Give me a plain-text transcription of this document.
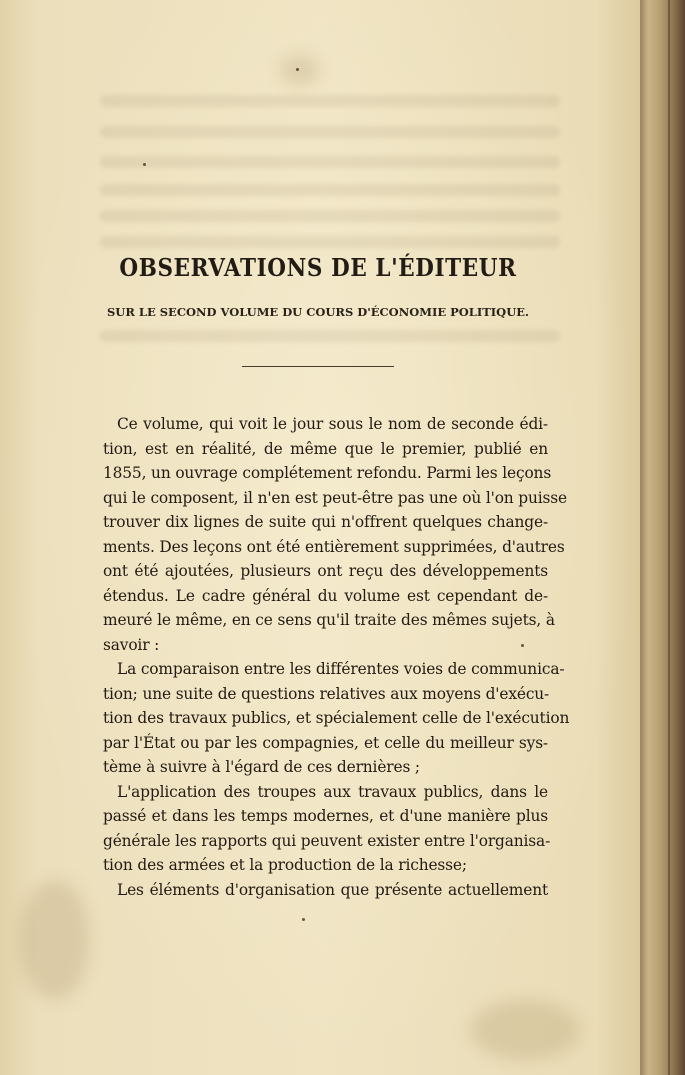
OBSERVATIONS DE L'ÉDITEUR
SUR LE SECOND VOLUME DU COURS D'ÉCONOMIE POLITIQUE.
Ce volume, qui voit le jour sous le nom de seconde édi-
tion, est en réalité, de même que le premier, publié en
1855, un ouvrage complétement refondu. Parmi les leçons
qui le composent, il n'en est peut-être pas une où l'on puisse
trouver dix lignes de suite qui n'offrent quelques change-
ments. Des leçons ont été entièrement supprimées, d'autres
ont été ajoutées, plusieurs ont reçu des développements
étendus. Le cadre général du volume est cependant de-
meuré le même, en ce sens qu'il traite des mêmes sujets, à
savoir :
La comparaison entre les différentes voies de communica-
tion; une suite de questions relatives aux moyens d'exécu-
tion des travaux publics, et spécialement celle de l'exécution
par l'État ou par les compagnies, et celle du meilleur sys-
tème à suivre à l'égard de ces dernières ;
L'application des troupes aux travaux publics, dans le
passé et dans les temps modernes, et d'une manière plus
générale les rapports qui peuvent exister entre l'organisa-
tion des armées et la production de la richesse;
Les éléments d'organisation que présente actuellement
